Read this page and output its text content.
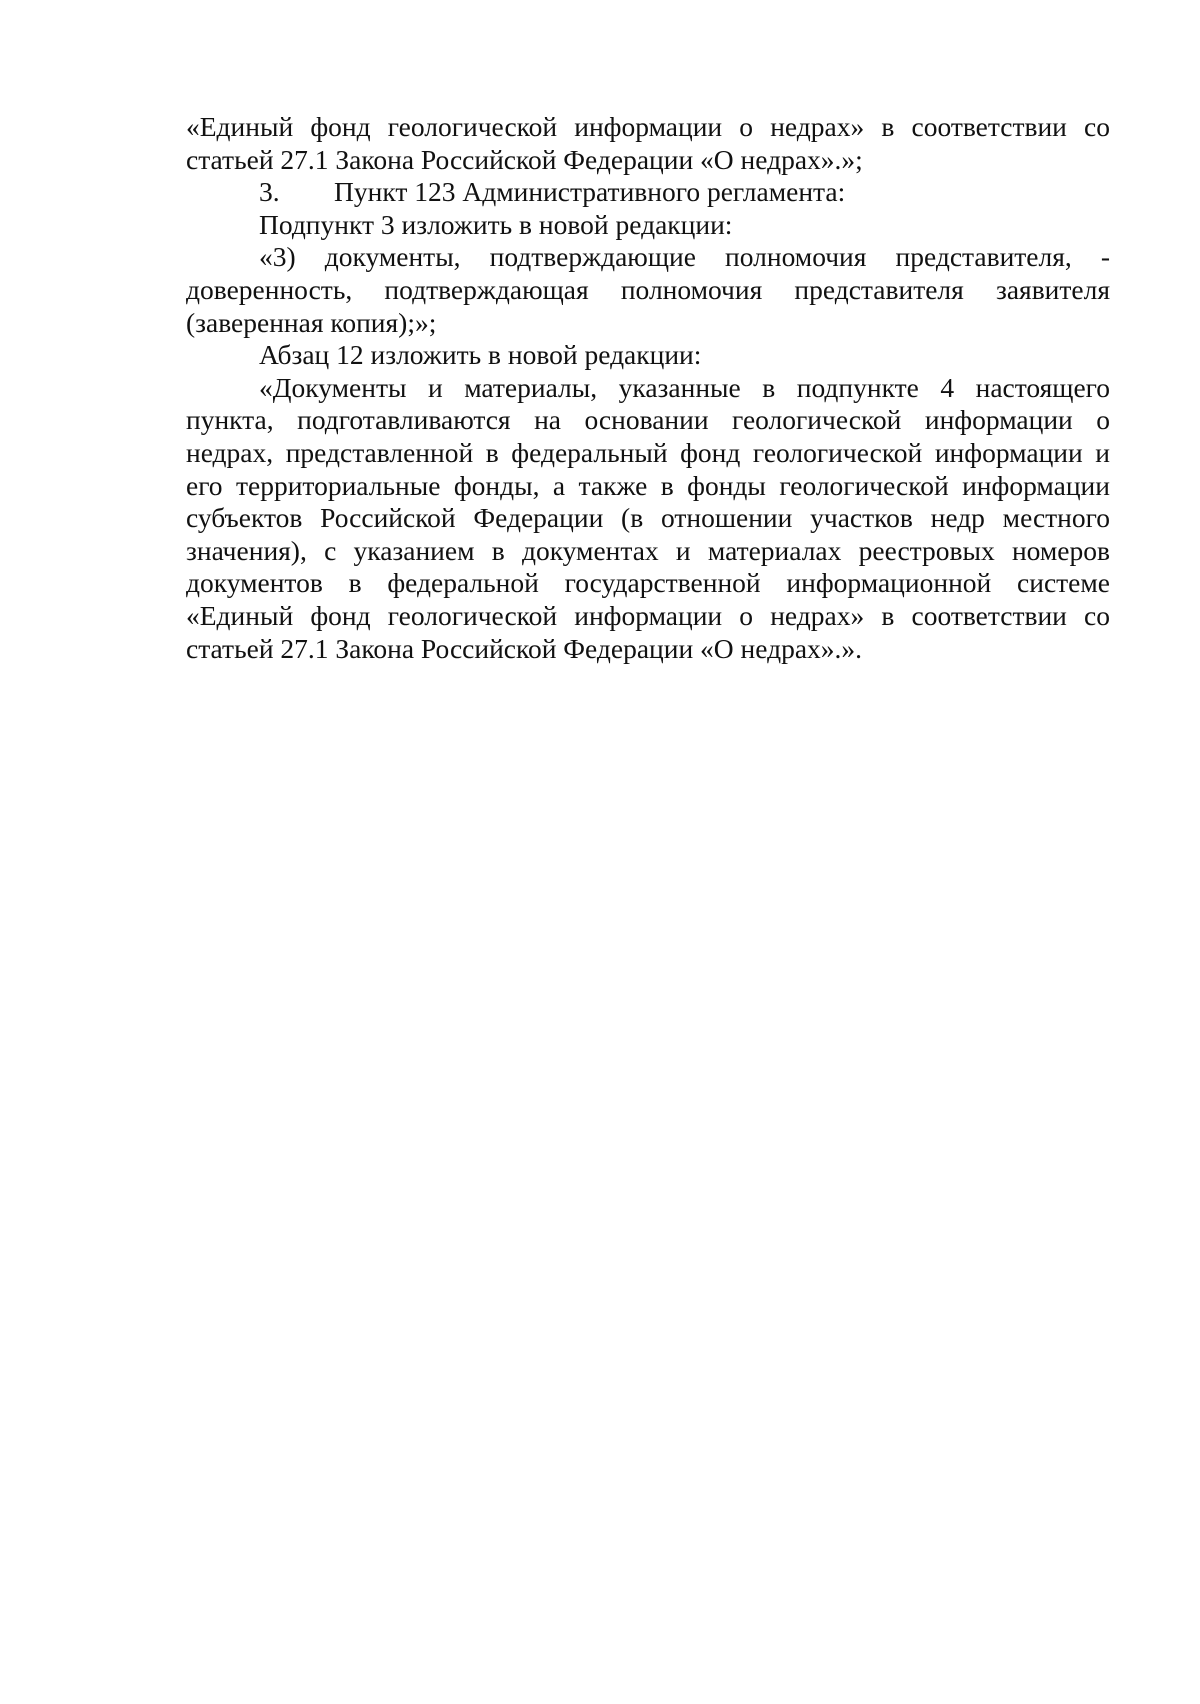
«Единый фонд геологической информации о недрах» в соответствии со
статьей 27.1 Закона Российской Федерации «О недрах».»;
3. Пункт 123 Административного регламента:
Подпункт 3 изложить в новой редакции:
«3) документы, подтверждающие полномочия представителя, -
доверенность, подтверждающая полномочия представителя заявителя
(заверенная копия);»;
Абзац 12 изложить в новой редакции:
«Документы и материалы, указанные в подпункте 4 настоящего
пункта, подготавливаются на основании геологической информации о
недрах, представленной в федеральный фонд геологической информации и
его территориальные фонды, а также в фонды геологической информации
субъектов Российской Федерации (в отношении участков недр местного
значения), с указанием в документах и материалах реестровых номеров
документов в федеральной государственной информационной системе
«Единый фонд геологической информации о недрах» в соответствии со
статьей 27.1 Закона Российской Федерации «О недрах».».
